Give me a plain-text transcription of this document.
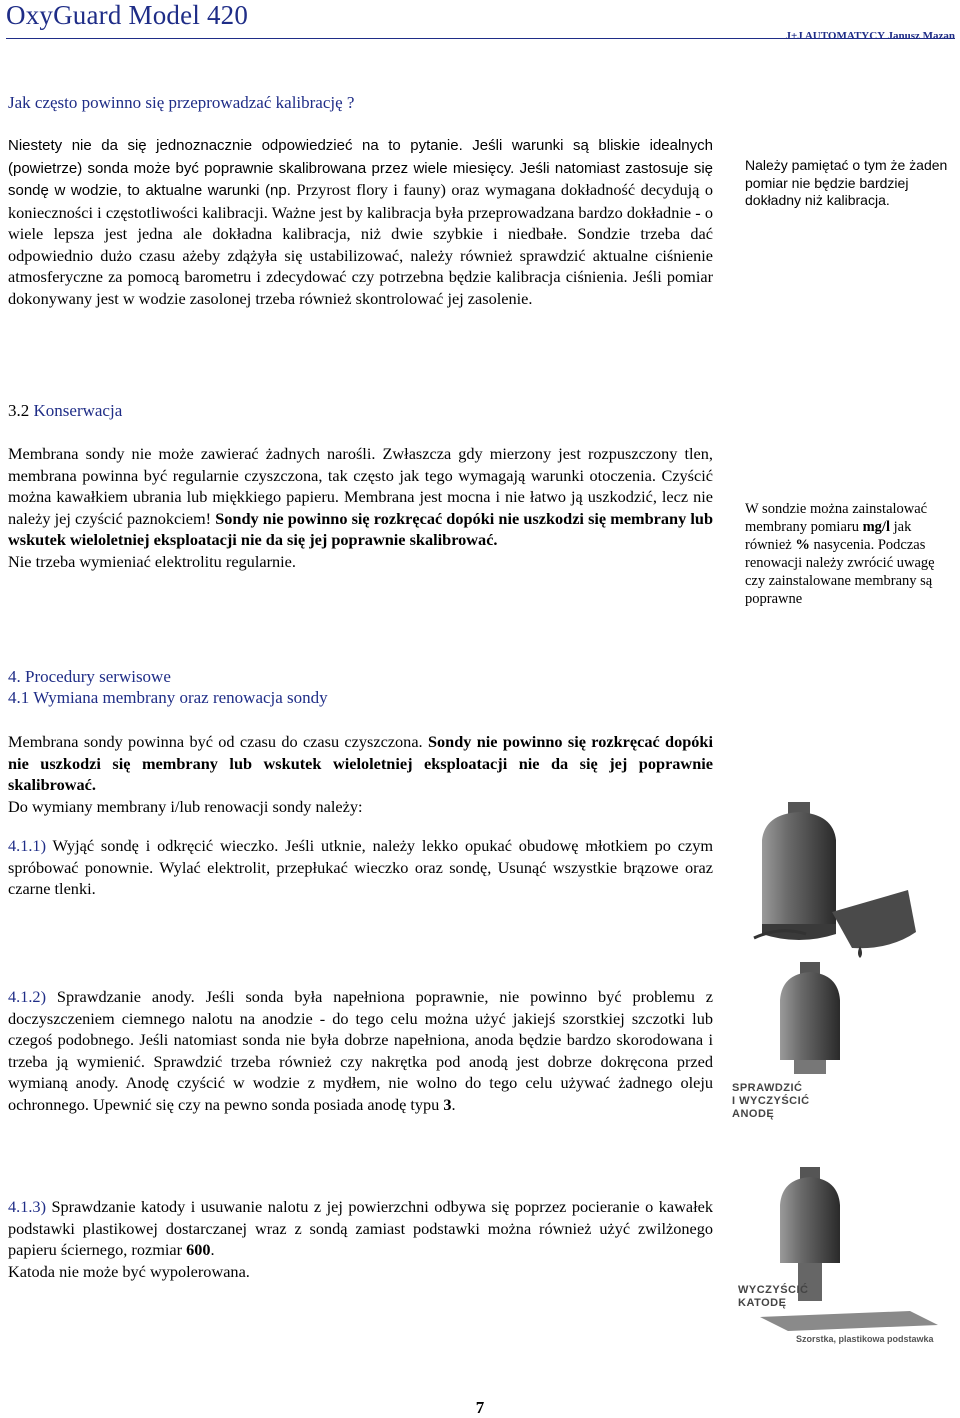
OxyGuard Model 420
J+J AUTOMATYCY Janusz Mazan
Jak często powinno się przeprowadzać kalibrację ?
Niestety nie da się jednoznacznie odpowiedzieć na to pytanie. Jeśli warunki są bliskie idealnych (powietrze) sonda może być poprawnie skalibrowana przez wiele miesięcy. Jeśli natomiast zastosuje się sondę w wodzie, to aktualne warunki (np. Przyrost flory i fauny) oraz wymagana dokładność decydują o konieczności i częstotliwości kalibracji. Ważne jest by kalibracja była przeprowadzana bardzo dokładnie - o wiele lepsza jest jedna ale dokładna kalibracja, niż dwie szybkie i niedbałe. Sondzie trzeba dać odpowiednio dużo czasu ażeby zdążyła się ustabilizować, należy również sprawdzić aktualne ciśnienie atmosferyczne za pomocą barometru i zdecydować czy potrzebna będzie kalibracja ciśnienia. Jeśli pomiar dokonywany jest w wodzie zasolonej trzeba również skontrolować jej zasolenie.
Należy pamiętać o tym że żaden pomiar nie będzie bardziej dokładny niż kalibracja.
3.2 Konserwacja
Membrana sondy nie może zawierać żadnych narośli. Zwłaszcza gdy mierzony jest rozpuszczony tlen, membrana powinna być regularnie czyszczona, tak często jak tego wymagają warunki otoczenia. Czyścić można kawałkiem ubrania lub miękkiego papieru. Membrana jest mocna i nie łatwo ją uszkodzić, lecz nie należy jej czyścić paznokciem! Sondy nie powinno się rozkręcać dopóki nie uszkodzi się membrany lub wskutek wieloletniej eksploatacji nie da się jej poprawnie skalibrować.
Nie trzeba wymieniać elektrolitu regularnie.
W sondzie można zainstalować membrany pomiaru mg/l jak również % nasycenia. Podczas renowacji należy zwrócić uwagę czy zainstalowane membrany są poprawne
4. Procedury serwisowe
4.1 Wymiana membrany oraz renowacja sondy
Membrana sondy powinna być od czasu do czasu czyszczona. Sondy nie powinno się rozkręcać dopóki nie uszkodzi się membrany lub wskutek wieloletniej eksploatacji nie da się jej poprawnie skalibrować.
Do wymiany membrany i/lub renowacji sondy należy:
4.1.1) Wyjąć sondę i odkręcić wieczko. Jeśli utknie, należy lekko opukać obudowę młotkiem po czym spróbować ponownie. Wylać elektrolit, przepłukać wieczko oraz sondę, Usunąć wszystkie brązowe oraz czarne tlenki.
4.1.2) Sprawdzanie anody. Jeśli sonda była napełniona poprawnie, nie powinno być problemu z doczyszczeniem ciemnego nalotu na anodzie - do tego celu można użyć jakiejś szorstkiej szczotki lub czegoś podobnego. Jeśli natomiast sonda nie była dobrze napełniona, anoda będzie bardzo skorodowana i trzeba ją wymienić. Sprawdzić trzeba również czy nakrętka pod anodą jest dobrze dokręcona przed wymianą anody. Anodę czyścić w wodzie z mydłem, nie wolno do tego celu używać żadnego oleju ochronnego. Upewnić się czy na pewno sonda posiada anodę typu 3.
4.1.3) Sprawdzanie katody i usuwanie nalotu z jej powierzchni odbywa się poprzez pocieranie o kawałek podstawki plastikowej dostarczanej wraz z sondą zamiast podstawki można również użyć zwilżonego papieru ściernego, rozmiar 600.
Katoda nie może być wypolerowana.
SPRAWDZIĆ
I WYCZYŚCIĆ
ANODĘ
WYCZYŚCIĆ
KATODĘ
Szorstka, plastikowa podstawka
7
